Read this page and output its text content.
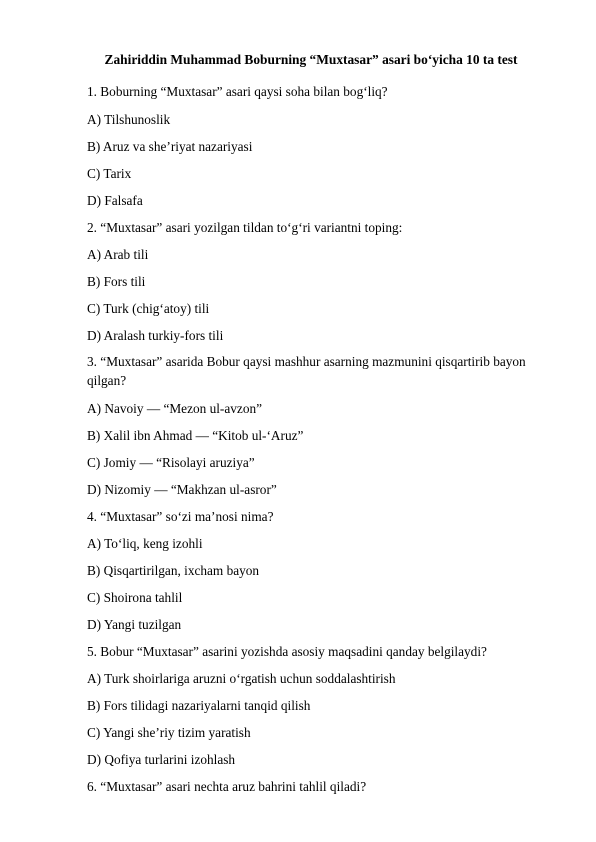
Zahiriddin Muhammad Boburning “Muxtasar” asari bo‘yicha 10 ta test
1. Boburning “Muxtasar” asari qaysi soha bilan bog‘liq?
A) Tilshunoslik
B) Aruz va she’riyat nazariyasi
C) Tarix
D) Falsafa
2. “Muxtasar” asari yozilgan tildan to‘g‘ri variantni toping:
A) Arab tili
B) Fors tili
C) Turk (chig‘atoy) tili
D) Aralash turkiy-fors tili
3. “Muxtasar” asarida Bobur qaysi mashhur asarning mazmunini qisqartirib bayon qilgan?
A) Navoiy — “Mezon ul-avzon”
B) Xalil ibn Ahmad — “Kitob ul-‘Aruz”
C) Jomiy — “Risolayi aruziya”
D) Nizomiy — “Makhzan ul-asror”
4. “Muxtasar” so‘zi ma’nosi nima?
A) To‘liq, keng izohli
B) Qisqartirilgan, ixcham bayon
C) Shoirona tahlil
D) Yangi tuzilgan
5. Bobur “Muxtasar” asarini yozishda asosiy maqsadini qanday belgilaydi?
A) Turk shoirlariga aruzni o‘rgatish uchun soddalashtirish
B) Fors tilidagi nazariyalarni tanqid qilish
C) Yangi she’riy tizim yaratish
D) Qofiya turlarini izohlash
6. “Muxtasar” asari nechta aruz bahrini tahlil qiladi?
